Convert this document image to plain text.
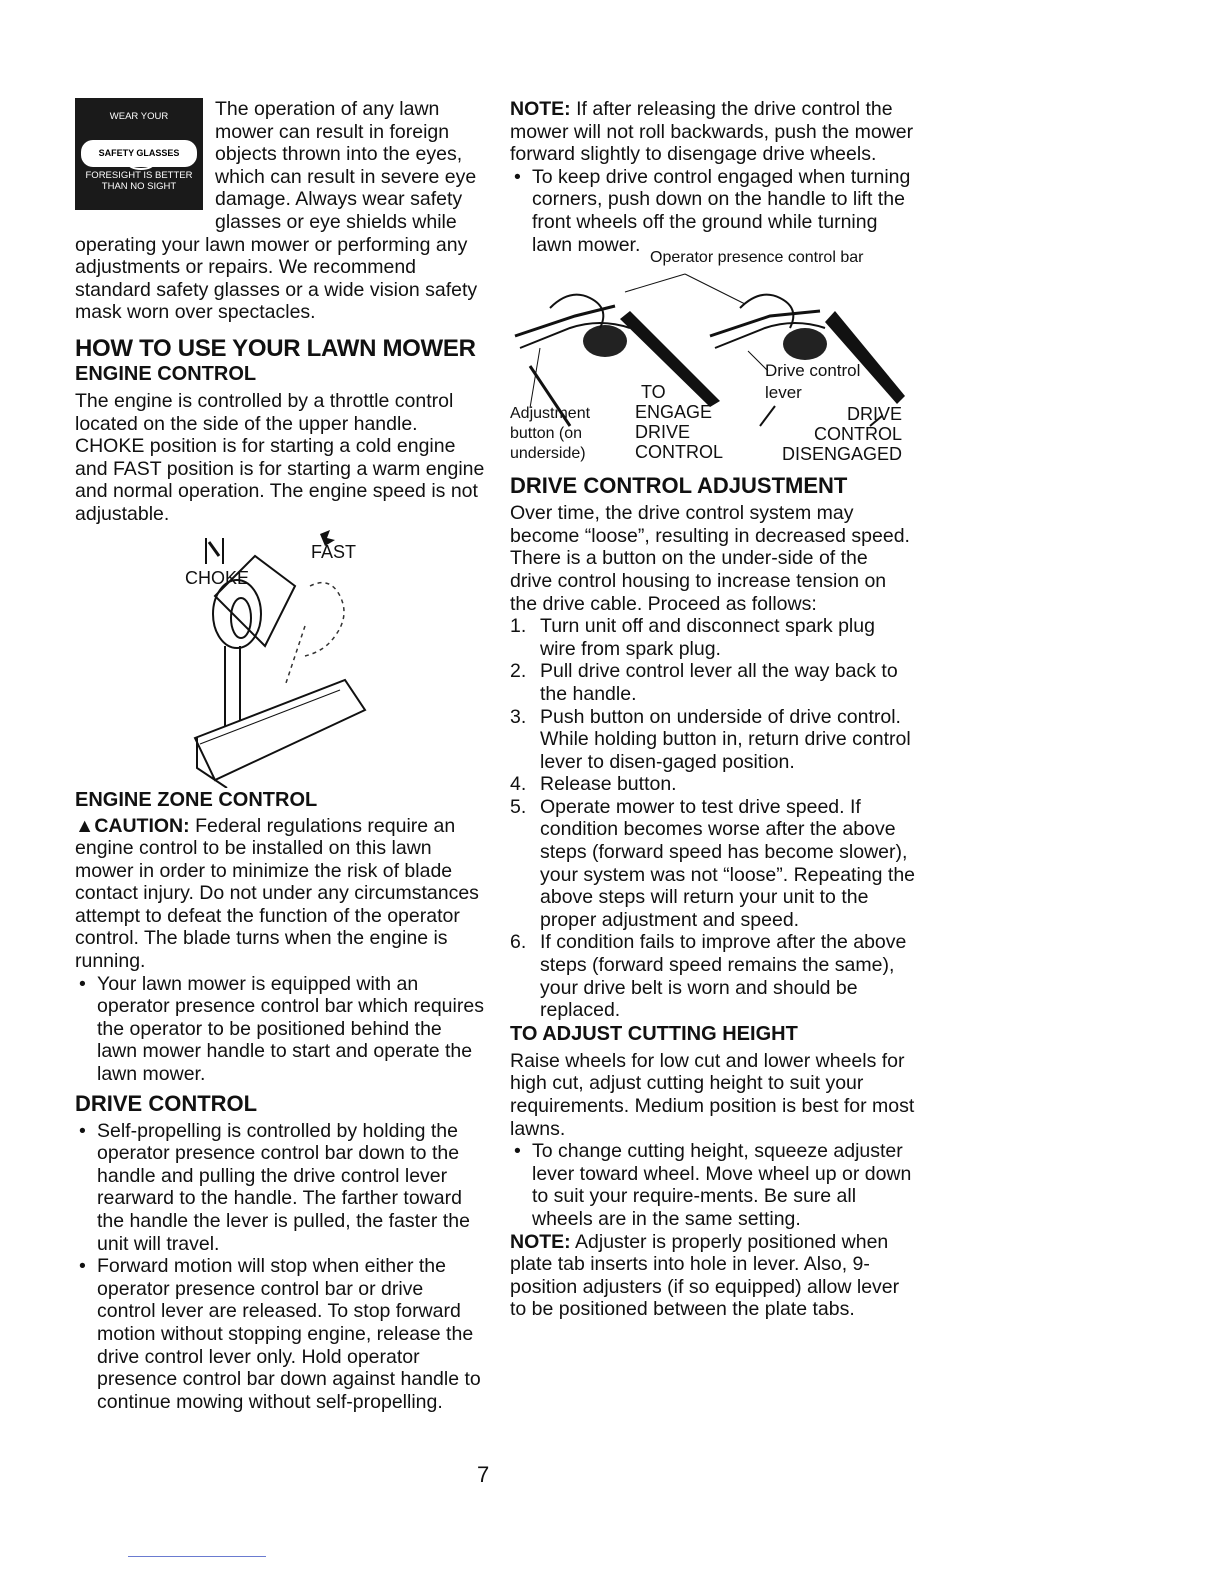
WEAR YOUR
SAFETY GLASSES
FORESIGHT IS BETTER
THAN NO SIGHT

The operation of any lawn mower can result in foreign objects thrown into the eyes, which can result in severe eye damage. Always wear safety glasses or eye shields while operating your lawn mower or performing any adjustments or repairs. We recommend standard safety glasses or a wide vision safety mask worn over spectacles.

HOW TO USE YOUR LAWN MOWER
ENGINE CONTROL

The engine is controlled by a throttle control located on the side of the upper handle. CHOKE position is for starting a cold engine and FAST position is for starting a warm engine and normal operation. The engine speed is not adjustable.

CHOKE
FAST
ENGINE ZONE CONTROL

▲CAUTION: Federal regulations require an engine control to be installed on this lawn mower in order to minimize the risk of blade contact injury. Do not under any circumstances attempt to defeat the function of the operator control. The blade turns when the engine is running.

• Your lawn mower is equipped with an operator presence control bar which requires the operator to be positioned behind the lawn mower handle to start and operate the lawn mower.

DRIVE CONTROL

• Self-propelling is controlled by holding the operator presence control bar down to the handle and pulling the drive control lever rearward to the handle. The farther toward the handle the lever is pulled, the faster the unit will travel.

• Forward motion will stop when either the operator presence control bar or drive control lever are released. To stop forward motion without stopping engine, release the drive control lever only. Hold operator presence control bar down against handle to continue mowing without self-propelling.

NOTE: If after releasing the drive control the mower will not roll backwards, push the mower forward slightly to disengage drive wheels.

• To keep drive control engaged when turning corners, push down on the handle to lift the front wheels off the ground while turning lawn mower.

Operator presence control bar
Drive control lever
Adjustment button (on underside)
TO
ENGAGE
DRIVE
CONTROL
DRIVE
CONTROL
DISENGAGED
DRIVE CONTROL ADJUSTMENT

Over time, the drive control system may become “loose”, resulting in decreased speed. There is a button on the under-side of the drive control housing to increase tension on the drive cable. Proceed as follows:

1. Turn unit off and disconnect spark plug wire from spark plug.
2. Pull drive control lever all the way back to the handle.
3. Push button on underside of drive control. While holding button in, return drive control lever to disen-gaged position.
4. Release button.
5. Operate mower to test drive speed. If condition becomes worse after the above steps (forward speed has become slower), your system was not “loose”. Repeating the above steps will return your unit to the proper adjustment and speed.
6. If condition fails to improve after the above steps (forward speed remains the same), your drive belt is worn and should be replaced.
TO ADJUST CUTTING HEIGHT

Raise wheels for low cut and lower wheels for high cut, adjust cutting height to suit your requirements. Medium position is best for most lawns.

• To change cutting height, squeeze adjuster lever toward wheel. Move wheel up or down to suit your require-ments. Be sure all wheels are in the same setting.

NOTE: Adjuster is properly positioned when plate tab inserts into hole in lever. Also, 9-position adjusters (if so equipped) allow lever to be positioned between the plate tabs.

7
